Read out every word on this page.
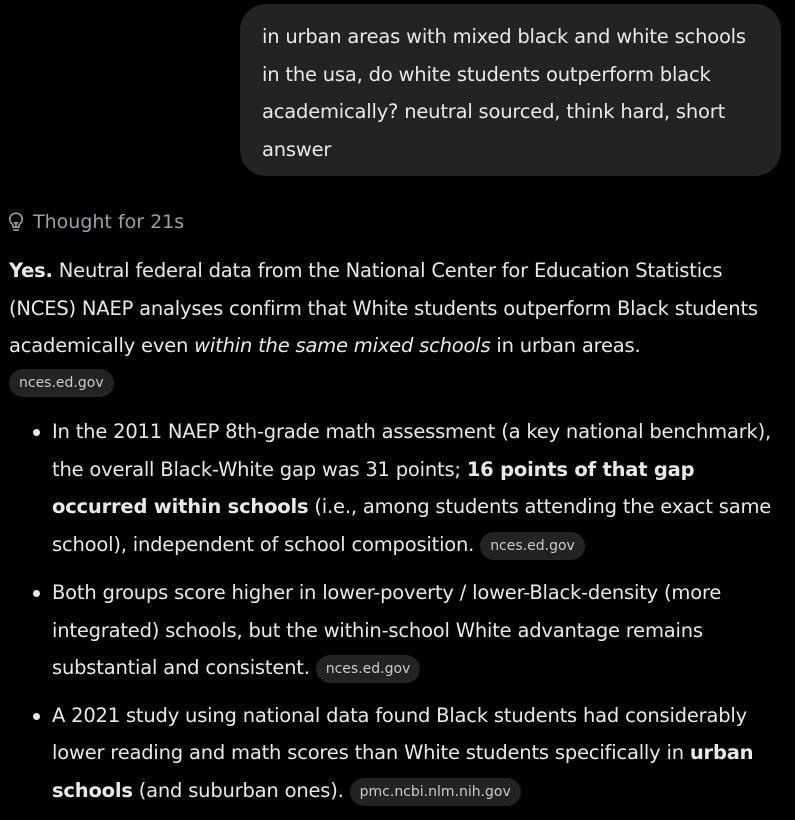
in urban areas with mixed black and white schools in the usa, do white students outperform black academically? neutral sourced, think hard, short answer
Thought for 21s
Yes. Neutral federal data from the National Center for Education Statistics (NCES) NAEP analyses confirm that White students outperform Black students academically even within the same mixed schools in urban areas.
nces.ed.gov
In the 2011 NAEP 8th-grade math assessment (a key national benchmark), the overall Black-White gap was 31 points; 16 points of that gap occurred within schools (i.e., among students attending the exact same school), independent of school composition. nces.ed.gov
Both groups score higher in lower-poverty / lower-Black-density (more integrated) schools, but the within-school White advantage remains substantial and consistent. nces.ed.gov
A 2021 study using national data found Black students had considerably lower reading and math scores than White students specifically in urban schools (and suburban ones). pmc.ncbi.nlm.nih.gov
